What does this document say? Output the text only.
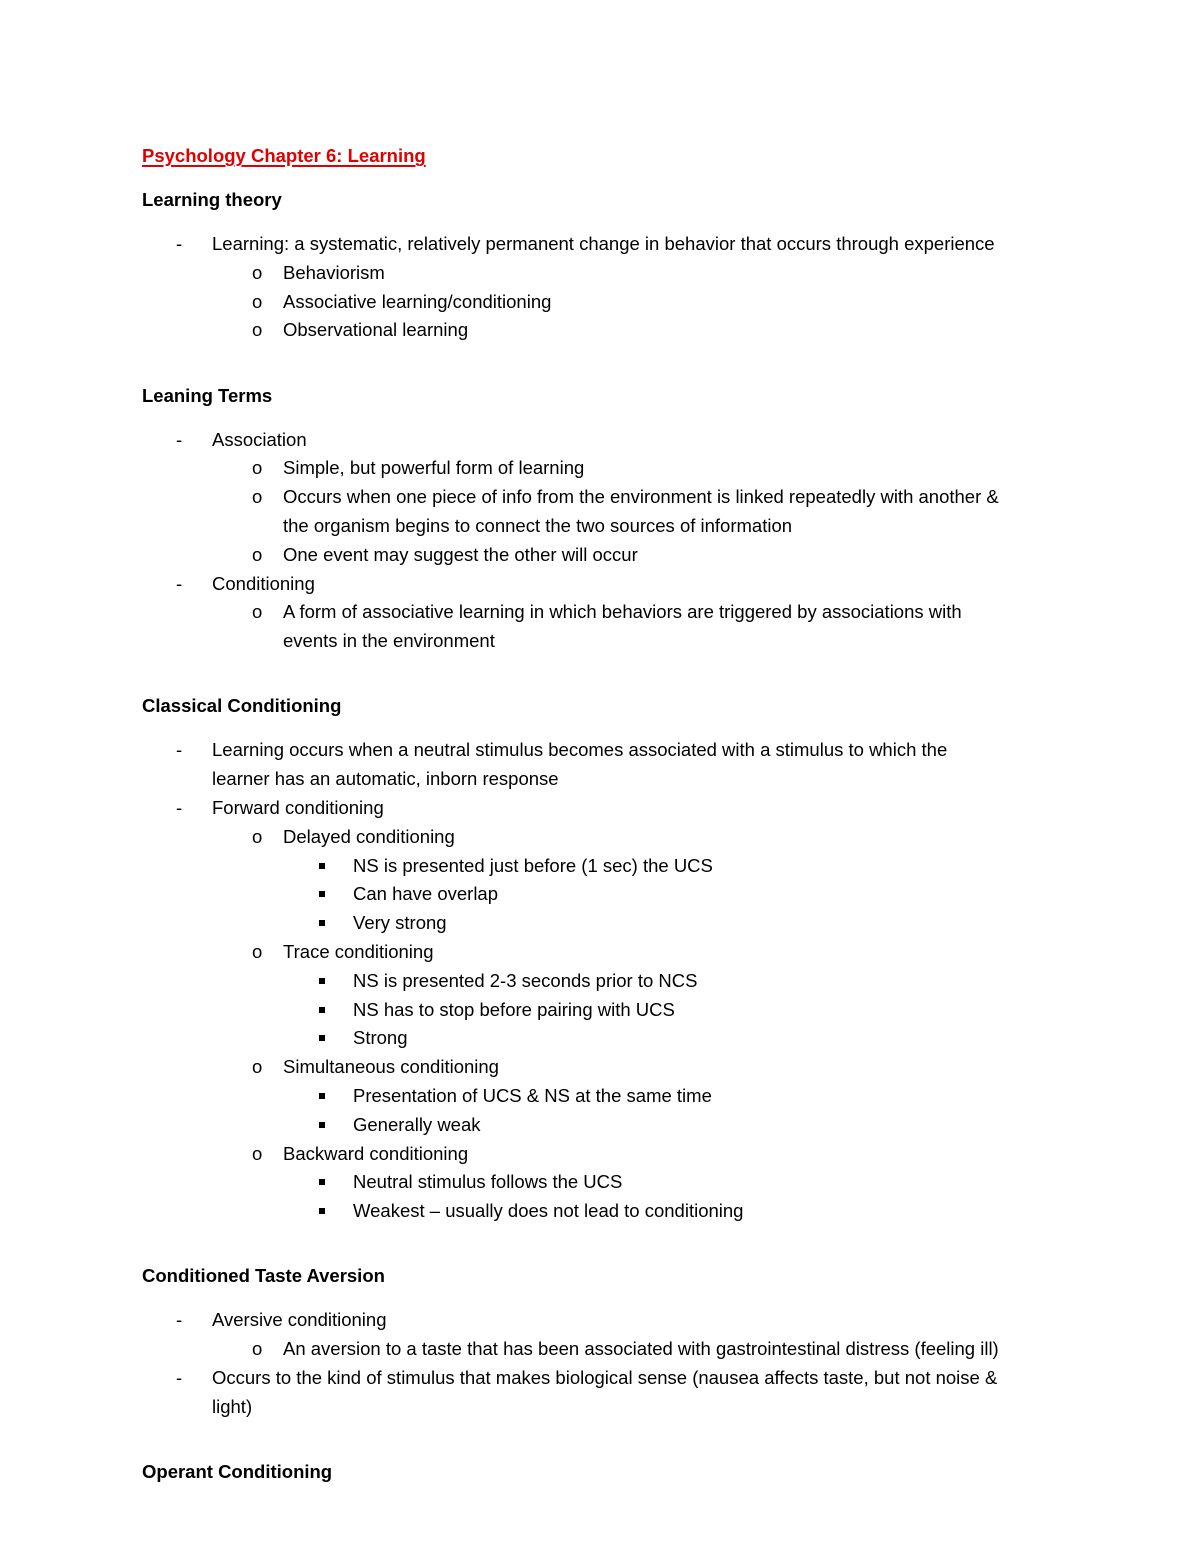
Psychology Chapter 6: Learning
Learning theory
- Learning: a systematic, relatively permanent change in behavior that occurs through experience
o Behaviorism
o Associative learning/conditioning
o Observational learning
Leaning Terms
- Association
o Simple, but powerful form of learning
o Occurs when one piece of info from the environment is linked repeatedly with another &
the organism begins to connect the two sources of information
o One event may suggest the other will occur
- Conditioning
o A form of associative learning in which behaviors are triggered by associations with
events in the environment
Classical Conditioning
- Learning occurs when a neutral stimulus becomes associated with a stimulus to which the
learner has an automatic, inborn response
- Forward conditioning
o Delayed conditioning
NS is presented just before (1 sec) the UCS
Can have overlap
Very strong
o Trace conditioning
NS is presented 2-3 seconds prior to NCS
NS has to stop before pairing with UCS
Strong
o Simultaneous conditioning
Presentation of UCS & NS at the same time
Generally weak
o Backward conditioning
Neutral stimulus follows the UCS
Weakest – usually does not lead to conditioning
Conditioned Taste Aversion
- Aversive conditioning
o An aversion to a taste that has been associated with gastrointestinal distress (feeling ill)
- Occurs to the kind of stimulus that makes biological sense (nausea affects taste, but not noise &
light)
Operant Conditioning
